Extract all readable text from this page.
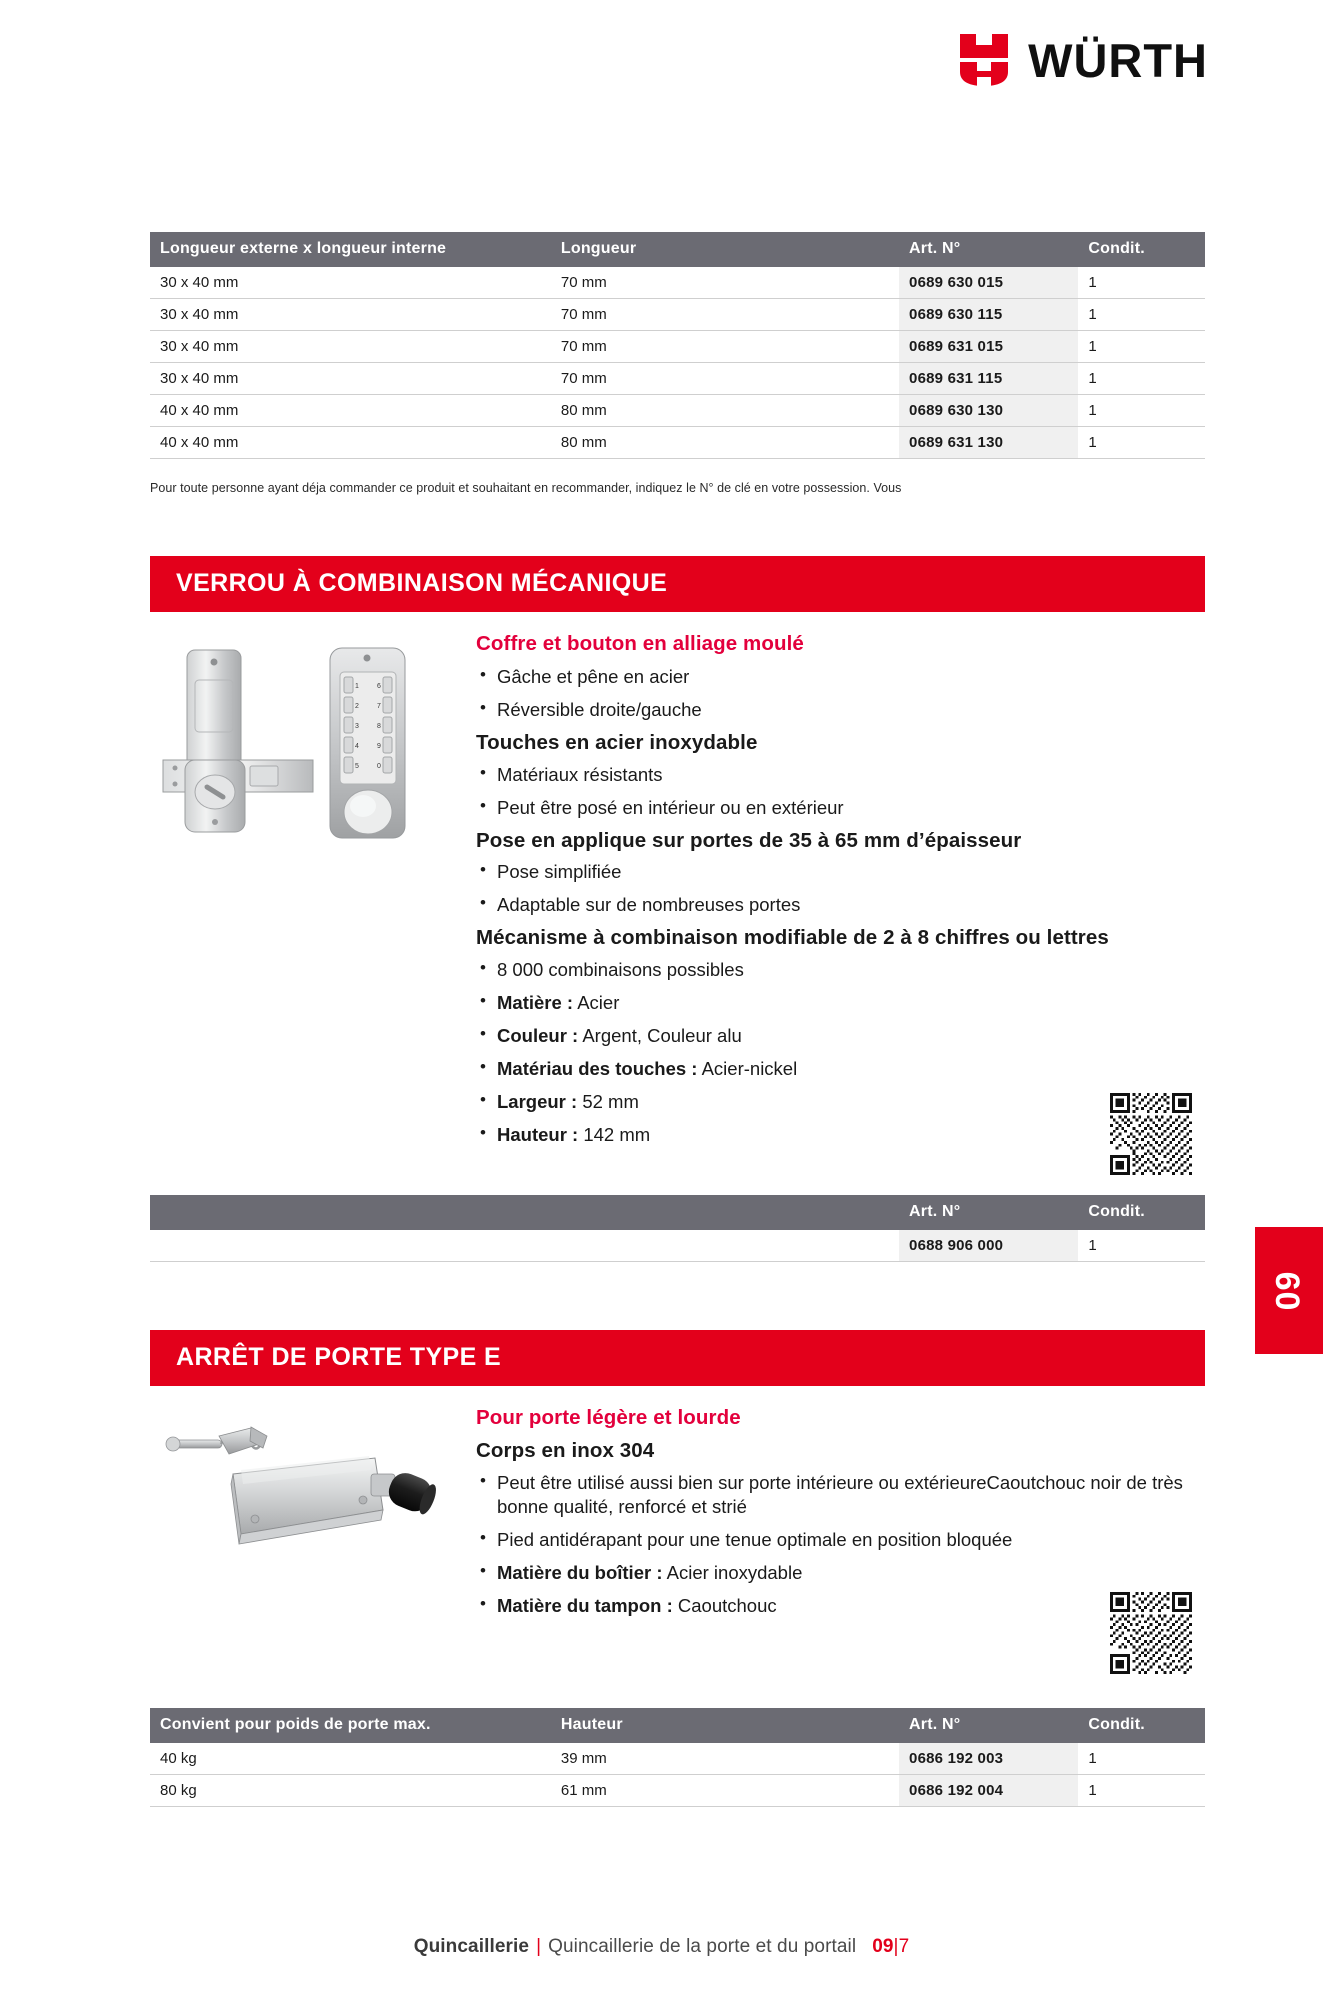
WÜRTH
Longueur externe x longueur interne	Longueur	Art. N°	Condit.
30 x 40 mm	70 mm	0689 630 015	1
30 x 40 mm	70 mm	0689 630 115	1
30 x 40 mm	70 mm	0689 631 015	1
30 x 40 mm	70 mm	0689 631 115	1
40 x 40 mm	80 mm	0689 630 130	1
40 x 40 mm	80 mm	0689 631 130	1
Pour toute personne ayant déja commander ce produit et souhaitant en recommander, indiquez le N° de clé en votre possession. Vous
VERROU À COMBINAISON MÉCANIQUE
1	6
2	7
3	8
4	9
5	0
Coffre et bouton en alliage moulé
• Gâche et pêne en acier
• Réversible droite/gauche
Touches en acier inoxydable
• Matériaux résistants
• Peut être posé en intérieur ou en extérieur
Pose en applique sur portes de 35 à 65 mm d’épaisseur
• Pose simplifiée
• Adaptable sur de nombreuses portes
Mécanisme à combinaison modifiable de 2 à 8 chiffres ou lettres
• 8 000 combinaisons possibles
• Matière : Acier
• Couleur : Argent, Couleur alu
• Matériau des touches : Acier-nickel
• Largeur : 52 mm
• Hauteur : 142 mm
		Art. N°	Condit.
		0688 906 000	1
09
ARRÊT DE PORTE TYPE E
Pour porte légère et lourde
Corps en inox 304
• Peut être utilisé aussi bien sur porte intérieure ou extérieureCaoutchouc noir de très bonne qualité, renforcé et strié
• Pied antidérapant pour une tenue optimale en position bloquée
• Matière du boîtier : Acier inoxydable
• Matière du tampon : Caoutchouc
Convient pour poids de porte max.	Hauteur	Art. N°	Condit.
40 kg	39 mm	0686 192 003	1
80 kg	61 mm	0686 192 004	1
Quincaillerie | Quincaillerie de la porte et du portail 09|7
